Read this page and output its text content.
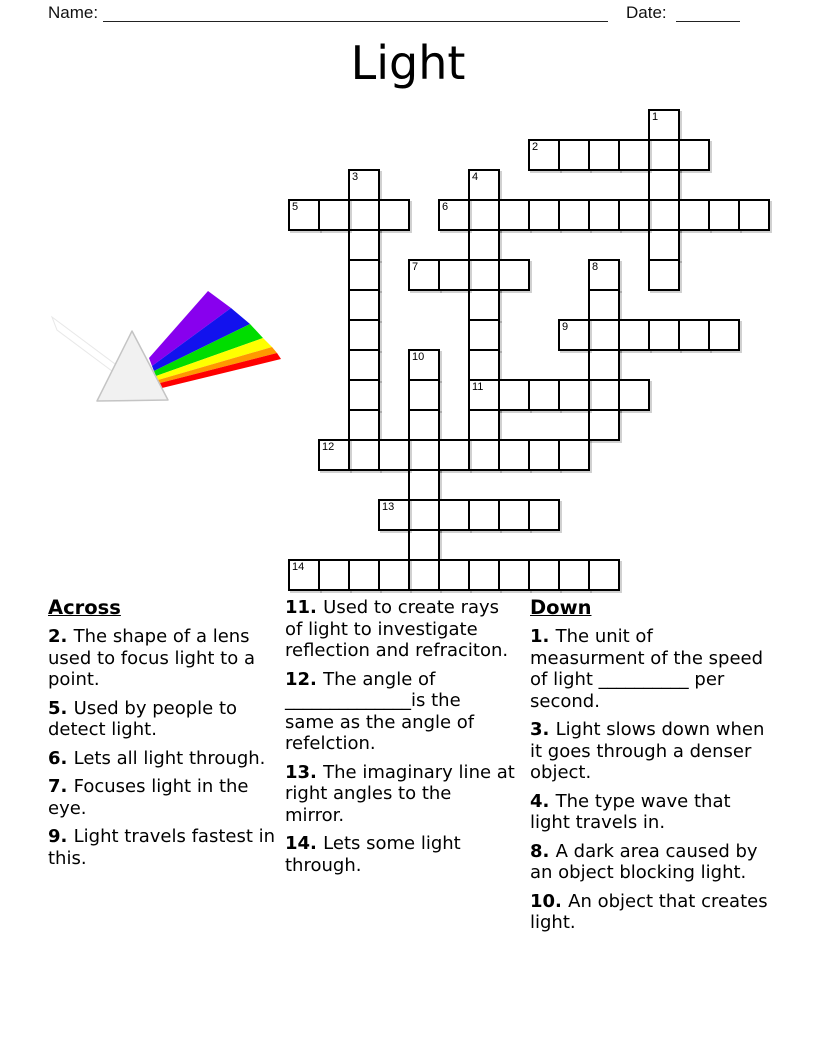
Name:	Date:
Light
1
2
3	4
11
5	6
7	8
9
10
12
13
14
Across
2. The shape of a lens used to focus light to a point.
5. Used by people to detect light.
6. Lets all light through.
7. Focuses light in the eye.
9. Light travels fastest in this.
11. Used to create rays of light to investigate reflection and refraciton.
12. The angle of ______________is the same as the angle of refelction.
13. The imaginary line at right angles to the mirror.
14. Lets some light through.
Down
1. The unit of measurment of the speed of light __________ per second.
3. Light slows down when it goes through a denser object.
4. The type wave that light travels in.
8. A dark area caused by an object blocking light.
10. An object that creates light.
